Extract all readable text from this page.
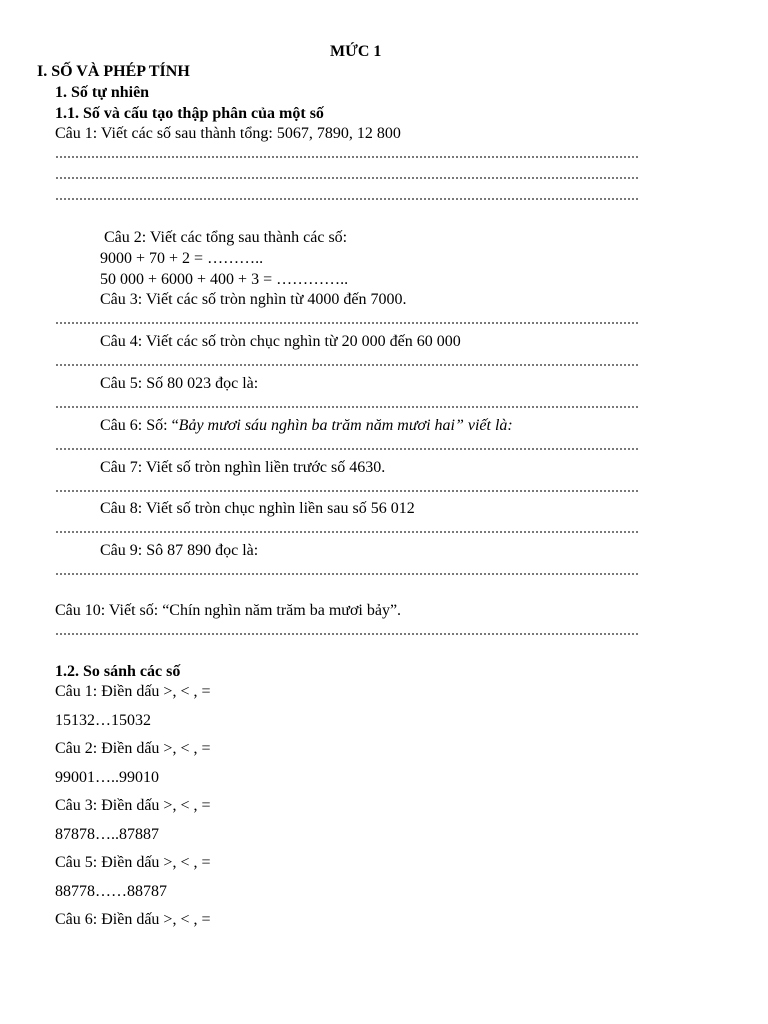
MỨC 1
I. SỐ VÀ PHÉP TÍNH
1. Số tự nhiên
1.1. Số và cấu tạo thập phân của một số
Câu 1: Viết các số sau thành tổng: 5067, 7890, 12 800
Câu 2: Viết các tổng sau thành các số:
9000 + 70 + 2 = ………..
50 000 + 6000 + 400 + 3 = …………..
Câu 3: Viết các số tròn nghìn từ 4000 đến 7000.
Câu 4: Viết các số tròn chục nghìn từ 20 000 đến 60 000
Câu 5: Số 80 023 đọc là:
Câu 6: Số: “Bảy mươi sáu nghìn ba trăm năm mươi hai” viết là:
Câu 7: Viết số tròn nghìn liền trước số 4630.
Câu 8: Viết số tròn chục nghìn liền sau số 56 012
Câu 9: Sô 87 890 đọc là:
Câu 10: Viết số: “Chín nghìn năm trăm ba mươi bảy”.
1.2. So sánh các số
Câu 1: Điền dấu >, < , =
15132…15032
Câu 2: Điền dấu >, < , =
99001…..99010
Câu 3: Điền dấu >, < , =
87878…..87887
Câu 5: Điền dấu >, < , =
88778……88787
Câu 6: Điền dấu >, < , =
